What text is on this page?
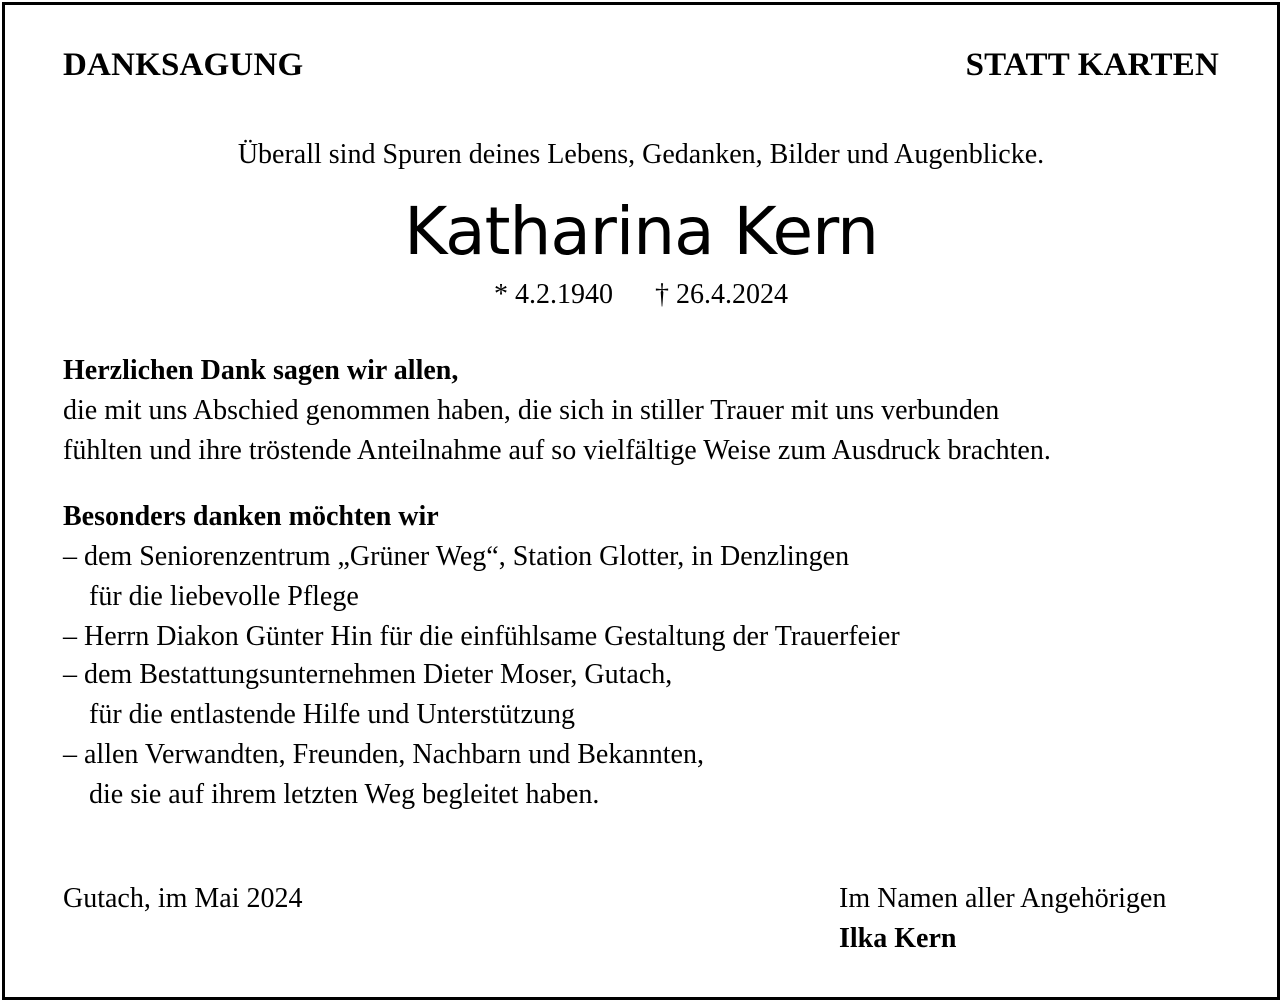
DANKSAGUNG	STATT KARTEN
Überall sind Spuren deines Lebens, Gedanken, Bilder und Augenblicke.
Katharina Kern
* 4.2.1940 † 26.4.2024
Herzlichen Dank sagen wir allen,
die mit uns Abschied genommen haben, die sich in stiller Trauer mit uns verbunden
fühlten und ihre tröstende Anteilnahme auf so vielfältige Weise zum Ausdruck brachten.
Besonders danken möchten wir
– dem Seniorenzentrum „Grüner Weg“, Station Glotter, in Denzlingen
für die liebevolle Pflege
– Herrn Diakon Günter Hin für die einfühlsame Gestaltung der Trauerfeier
– dem Bestattungsunternehmen Dieter Moser, Gutach,
für die entlastende Hilfe und Unterstützung
– allen Verwandten, Freunden, Nachbarn und Bekannten,
die sie auf ihrem letzten Weg begleitet haben.
Gutach, im Mai 2024	Im Namen aller Angehörigen
Ilka Kern
